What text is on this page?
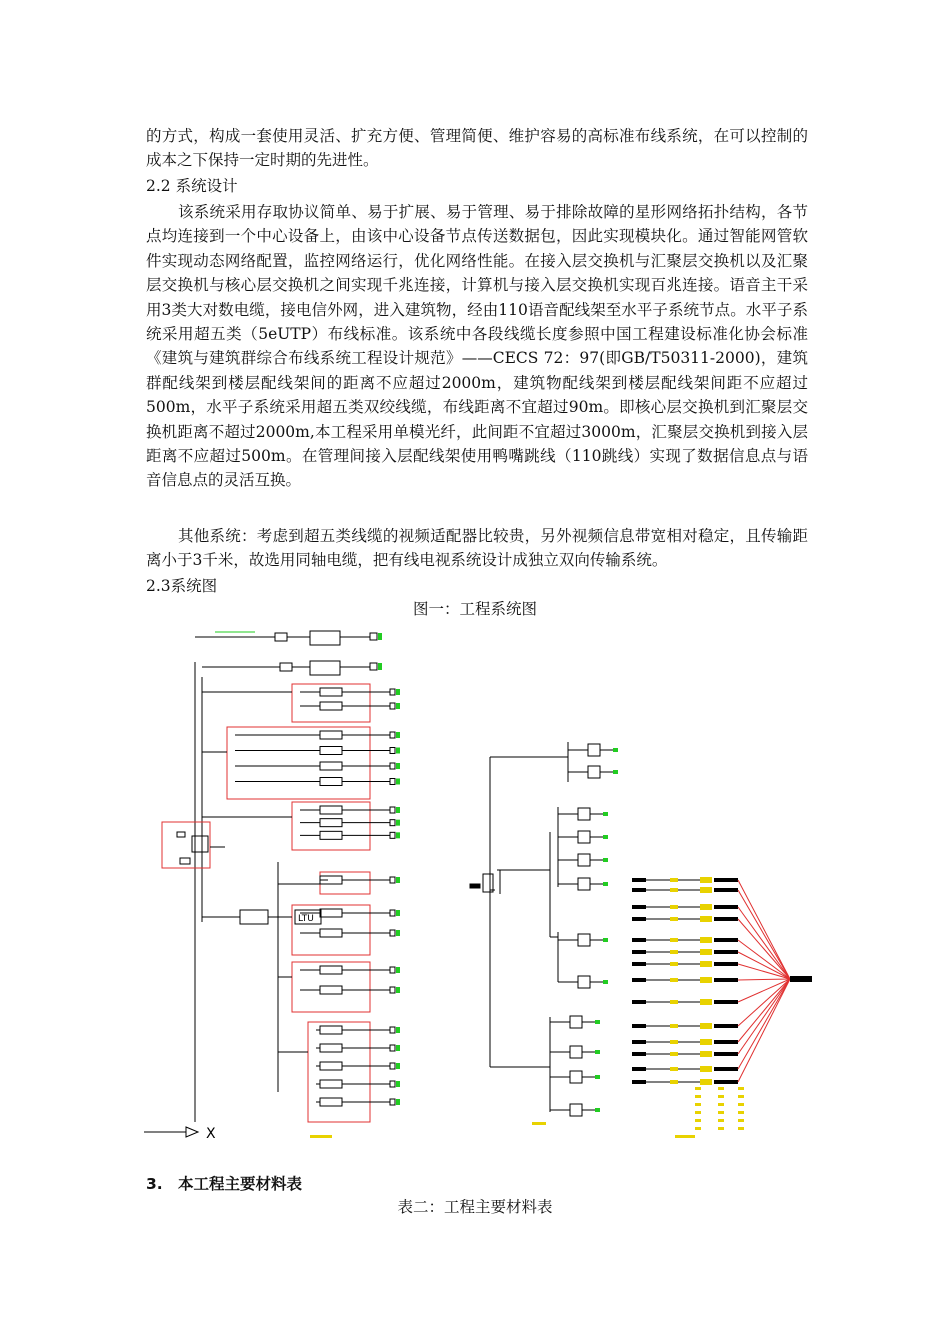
的方式，构成一套使用灵活、扩充方便、管理简便、维护容易的高标准布线系统，在可以控制的成本之下保持一定时期的先进性。

2.2 系统设计

该系统采用存取协议简单、易于扩展、易于管理、易于排除故障的星形网络拓扑结构，各节点均连接到一个中心设备上，由该中心设备节点传送数据包，因此实现模块化。通过智能网管软件实现动态网络配置，监控网络运行，优化网络性能。在接入层交换机与汇聚层交换机以及汇聚层交换机与核心层交换机之间实现千兆连接，计算机与接入层交换机实现百兆连接。语音主干采用3类大对数电缆，接电信外网，进入建筑物，经由110语音配线架至水平子系统节点。水平子系统采用超五类（5eUTP）布线标准。该系统中各段线缆长度参照中国工程建设标准化协会标准《建筑与建筑群综合布线系统工程设计规范》——CECS 72：97(即GB/T50311-2000)，建筑群配线架到楼层配线架间的距离不应超过2000m，建筑物配线架到楼层配线架间距不应超过500m，水平子系统采用超五类双绞线缆，布线距离不宜超过90m。即核心层交换机到汇聚层交换机距离不超过2000m,本工程采用单模光纤，此间距不宜超过3000m，汇聚层交换机到接入层距离不应超过500m。在管理间接入层配线架使用鸭嘴跳线（110跳线）实现了数据信息点与语音信息点的灵活互换。

其他系统：考虑到超五类线缆的视频适配器比较贵，另外视频信息带宽相对稳定，且传输距离小于3千米，故选用同轴电缆，把有线电视系统设计成独立双向传输系统。

2.3系统图

图一：工程系统图

LTU
X

3. 本工程主要材料表

表二：工程主要材料表
